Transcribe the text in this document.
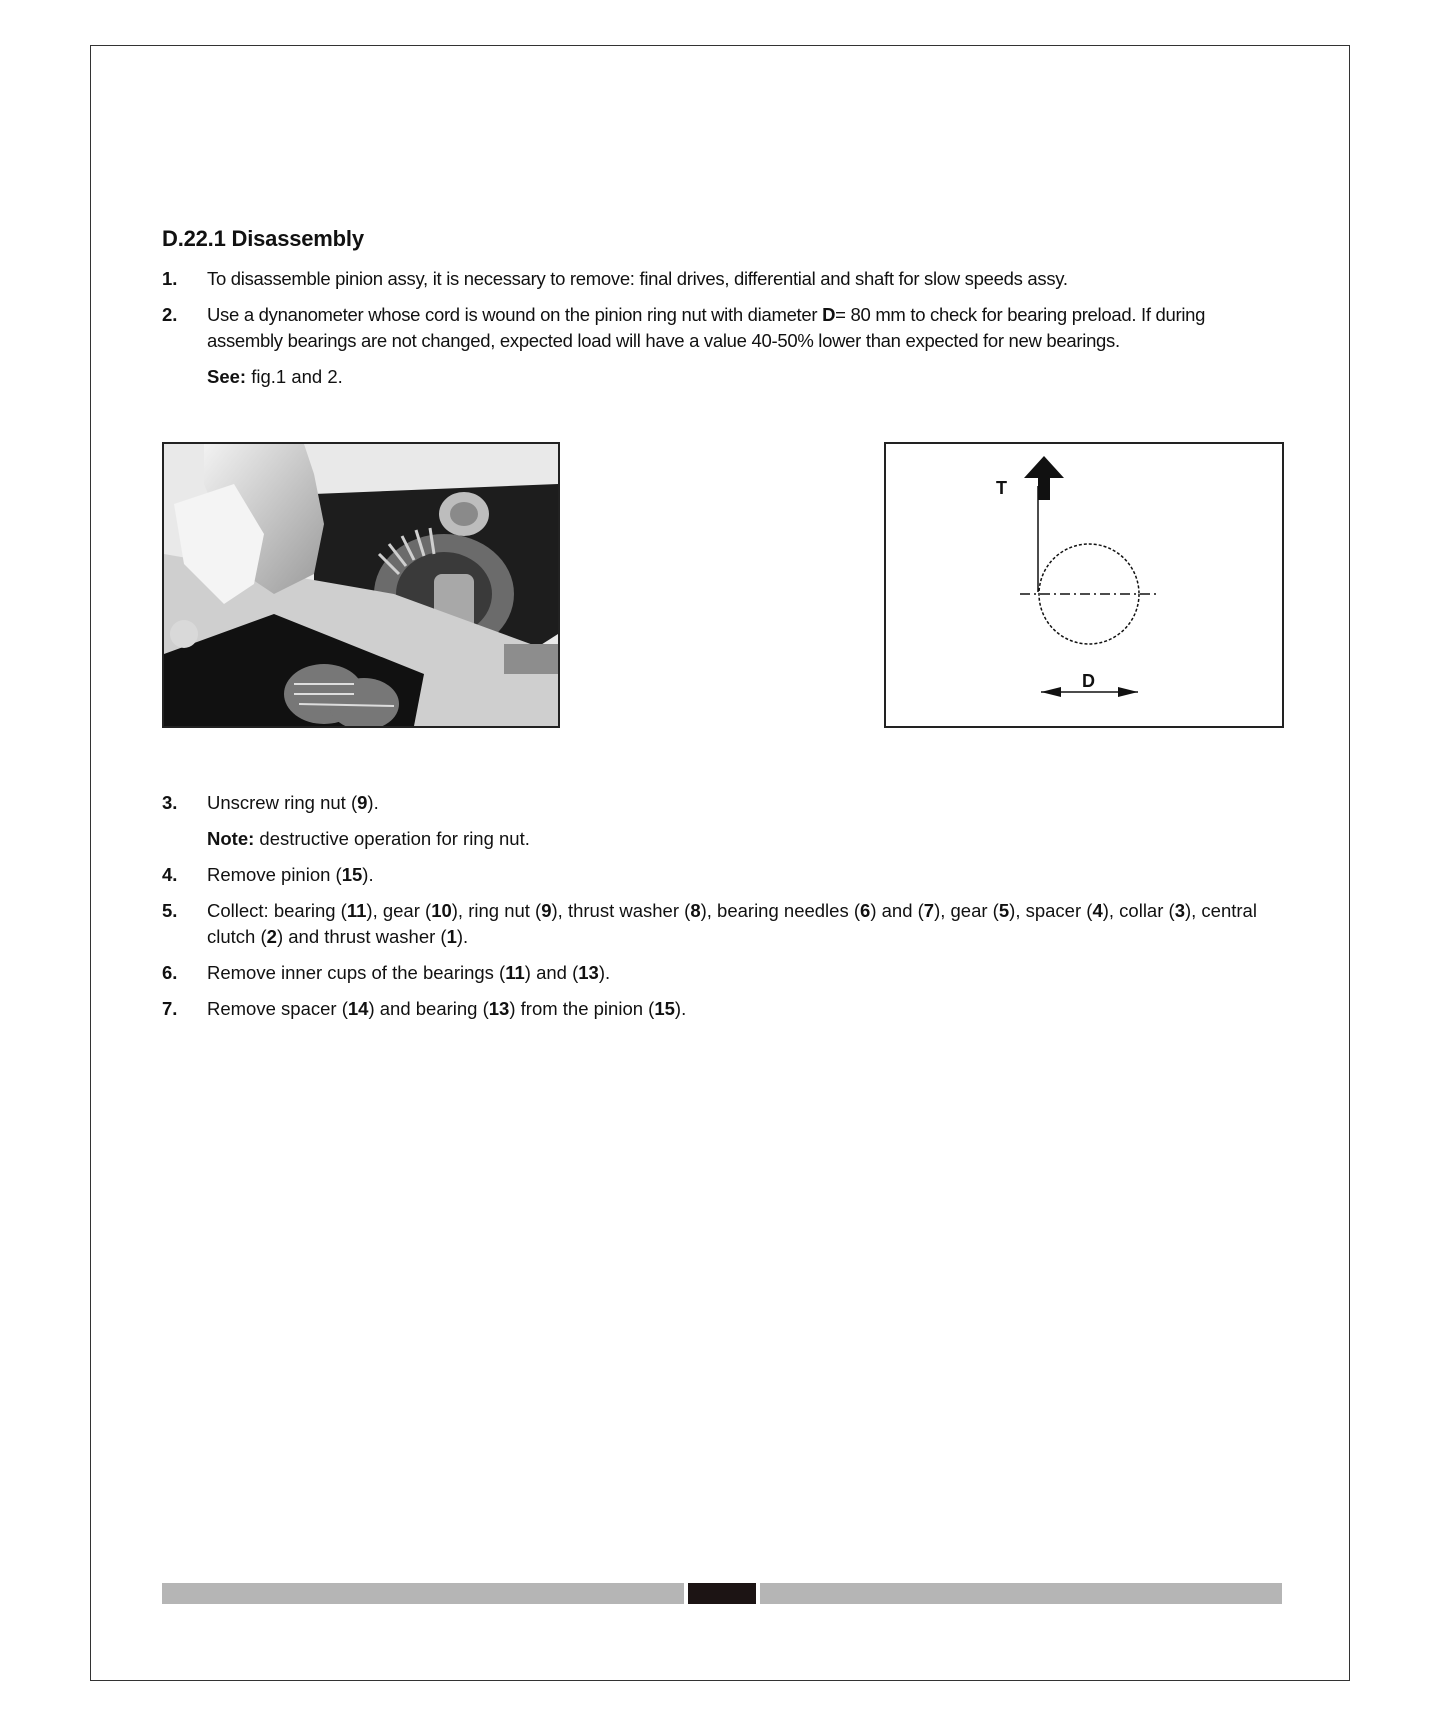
D.22.1 Disassembly
1.	To disassemble pinion assy, it is necessary to remove: final drives, differential and shaft for slow speeds assy.
2.	Use a dynanometer whose cord is wound on the pinion ring nut with diameter D= 80 mm to check for bearing preload. If during assembly bearings are not changed, expected load will have a value 40-50% lower than expected for new bearings.
See: fig.1 and 2.
T
D
3.	Unscrew ring nut (9).
Note: destructive operation for ring nut.
4.	Remove pinion (15).
5.	Collect: bearing (11), gear (10), ring nut (9), thrust washer (8), bearing needles (6) and (7), gear (5), spacer (4), collar (3), central clutch (2) and thrust washer (1).
6.	Remove inner cups of the bearings (11) and (13).
7.	Remove spacer (14) and bearing (13) from the pinion (15).
